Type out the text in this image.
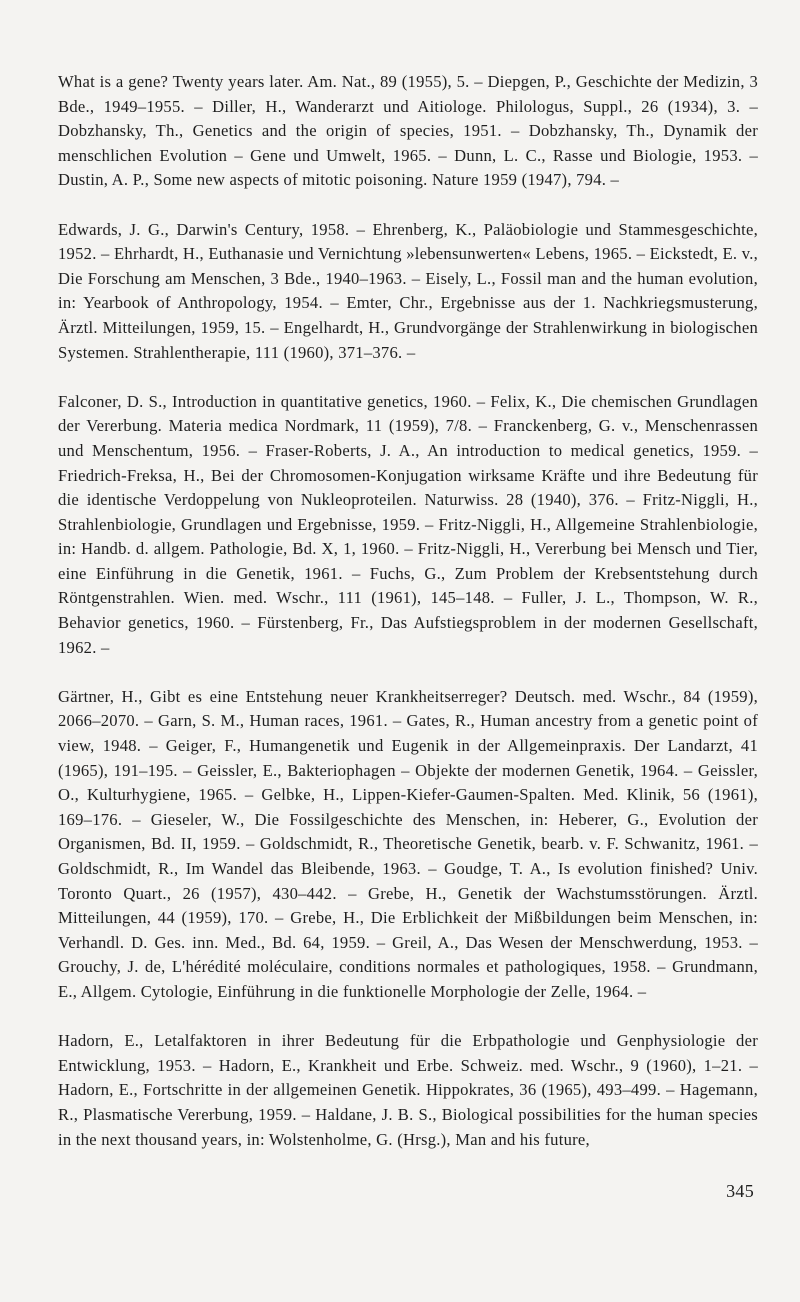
What is a gene? Twenty years later. Am. Nat., 89 (1955), 5. – Diepgen, P., Geschichte der Medizin, 3 Bde., 1949–1955. – Diller, H., Wanderarzt und Aitiologe. Philologus, Suppl., 26 (1934), 3. – Dobzhansky, Th., Genetics and the origin of species, 1951. – Dobzhansky, Th., Dynamik der menschlichen Evolution – Gene und Umwelt, 1965. – Dunn, L. C., Rasse und Biologie, 1953. – Dustin, A. P., Some new aspects of mitotic poisoning. Nature 1959 (1947), 794. –

Edwards, J. G., Darwin's Century, 1958. – Ehrenberg, K., Paläobiologie und Stammesgeschichte, 1952. – Ehrhardt, H., Euthanasie und Vernichtung »lebensunwerten« Lebens, 1965. – Eickstedt, E. v., Die Forschung am Menschen, 3 Bde., 1940–1963. – Eisely, L., Fossil man and the human evolution, in: Yearbook of Anthropology, 1954. – Emter, Chr., Ergebnisse aus der 1. Nachkriegsmusterung, Ärztl. Mitteilungen, 1959, 15. – Engelhardt, H., Grundvorgänge der Strahlenwirkung in biologischen Systemen. Strahlentherapie, 111 (1960), 371–376. –

Falconer, D. S., Introduction in quantitative genetics, 1960. – Felix, K., Die chemischen Grundlagen der Vererbung. Materia medica Nordmark, 11 (1959), 7/8. – Franckenberg, G. v., Menschenrassen und Menschentum, 1956. – Fraser-Roberts, J. A., An introduction to medical genetics, 1959. – Friedrich-Freksa, H., Bei der Chromosomen-Konjugation wirksame Kräfte und ihre Bedeutung für die identische Verdoppelung von Nukleoproteilen. Naturwiss. 28 (1940), 376. – Fritz-Niggli, H., Strahlenbiologie, Grundlagen und Ergebnisse, 1959. – Fritz-Niggli, H., Allgemeine Strahlenbiologie, in: Handb. d. allgem. Pathologie, Bd. X, 1, 1960. – Fritz-Niggli, H., Vererbung bei Mensch und Tier, eine Einführung in die Genetik, 1961. – Fuchs, G., Zum Problem der Krebsentstehung durch Röntgenstrahlen. Wien. med. Wschr., 111 (1961), 145–148. – Fuller, J. L., Thompson, W. R., Behavior genetics, 1960. – Fürstenberg, Fr., Das Aufstiegsproblem in der modernen Gesellschaft, 1962. –

Gärtner, H., Gibt es eine Entstehung neuer Krankheitserreger? Deutsch. med. Wschr., 84 (1959), 2066–2070. – Garn, S. M., Human races, 1961. – Gates, R., Human ancestry from a genetic point of view, 1948. – Geiger, F., Humangenetik und Eugenik in der Allgemeinpraxis. Der Landarzt, 41 (1965), 191–195. – Geissler, E., Bakteriophagen – Objekte der modernen Genetik, 1964. – Geissler, O., Kulturhygiene, 1965. – Gelbke, H., Lippen-Kiefer-Gaumen-Spalten. Med. Klinik, 56 (1961), 169–176. – Gieseler, W., Die Fossilgeschichte des Menschen, in: Heberer, G., Evolution der Organismen, Bd. II, 1959. – Goldschmidt, R., Theoretische Genetik, bearb. v. F. Schwanitz, 1961. – Goldschmidt, R., Im Wandel das Bleibende, 1963. – Goudge, T. A., Is evolution finished? Univ. Toronto Quart., 26 (1957), 430–442. – Grebe, H., Genetik der Wachstumsstörungen. Ärztl. Mitteilungen, 44 (1959), 170. – Grebe, H., Die Erblichkeit der Mißbildungen beim Menschen, in: Verhandl. D. Ges. inn. Med., Bd. 64, 1959. – Greil, A., Das Wesen der Menschwerdung, 1953. – Grouchy, J. de, L'hérédité moléculaire, conditions normales et pathologiques, 1958. – Grundmann, E., Allgem. Cytologie, Einführung in die funktionelle Morphologie der Zelle, 1964. –

Hadorn, E., Letalfaktoren in ihrer Bedeutung für die Erbpathologie und Genphysiologie der Entwicklung, 1953. – Hadorn, E., Krankheit und Erbe. Schweiz. med. Wschr., 9 (1960), 1–21. – Hadorn, E., Fortschritte in der allgemeinen Genetik. Hippokrates, 36 (1965), 493–499. – Hagemann, R., Plasmatische Vererbung, 1959. – Haldane, J. B. S., Biological possibilities for the human species in the next thousand years, in: Wolstenholme, G. (Hrsg.), Man and his future,

345
